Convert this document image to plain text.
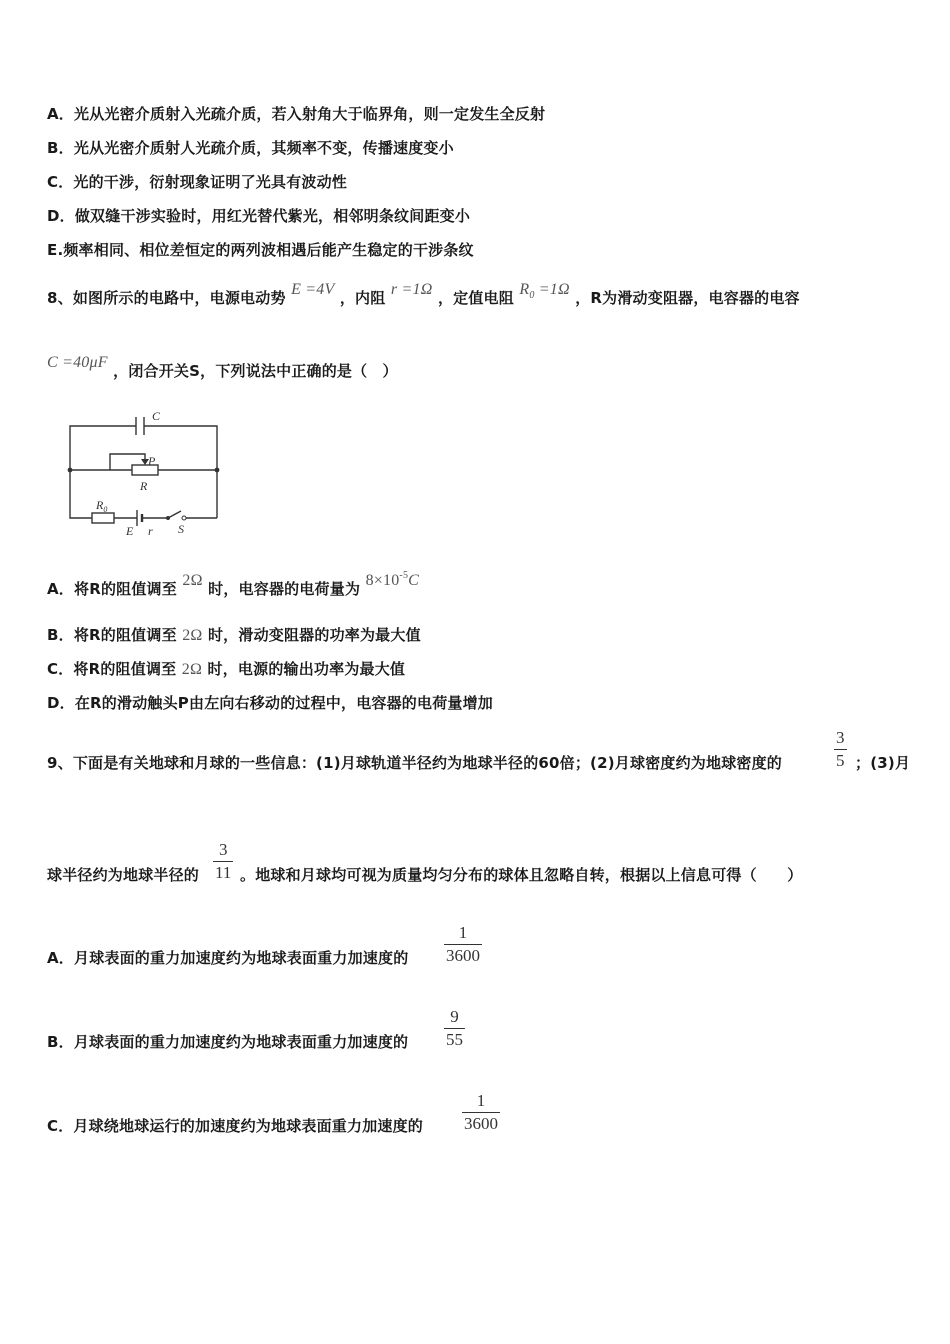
A．光从光密介质射入光疏介质，若入射角大于临界角，则一定发生全反射
B．光从光密介质射人光疏介质，其频率不变，传播速度变小
C．光的干涉，衍射现象证明了光具有波动性
D．做双缝干涉实验时，用红光替代紫光，相邻明条纹间距变小
E.频率相同、相位差恒定的两列波相遇后能产生稳定的干涉条纹
8、如图所示的电路中，电源电动势 E =4V ，内阻 r =1Ω ，定值电阻 $R_0 =1\Omega$ ，R为滑动变阻器，电容器的电容
C =40μF ，闭合开关S，下列说法中正确的是（　）
C
P
R
$R_0$
E r S
A．将R的阻值调至 2Ω 时，电容器的电荷量为 $8\times 10^{-5}C$
B．将R的阻值调至 2Ω 时，滑动变阻器的功率为最大值
C．将R的阻值调至 2Ω 时，电源的输出功率为最大值
D．在R的滑动触头P由左向右移动的过程中，电容器的电荷量增加
9、下面是有关地球和月球的一些信息：(1)月球轨道半径约为地球半径的60倍；(2)月球密度约为地球密度的
3
5 ；(3)月
球半径约为地球半径的
3
11 。地球和月球均可视为质量均匀分布的球体且忽略自转，根据以上信息可得（　　）
A．月球表面的重力加速度约为地球表面重力加速度的
1
3600
B．月球表面的重力加速度约为地球表面重力加速度的
9
55
C．月球绕地球运行的加速度约为地球表面重力加速度的
1
3600
